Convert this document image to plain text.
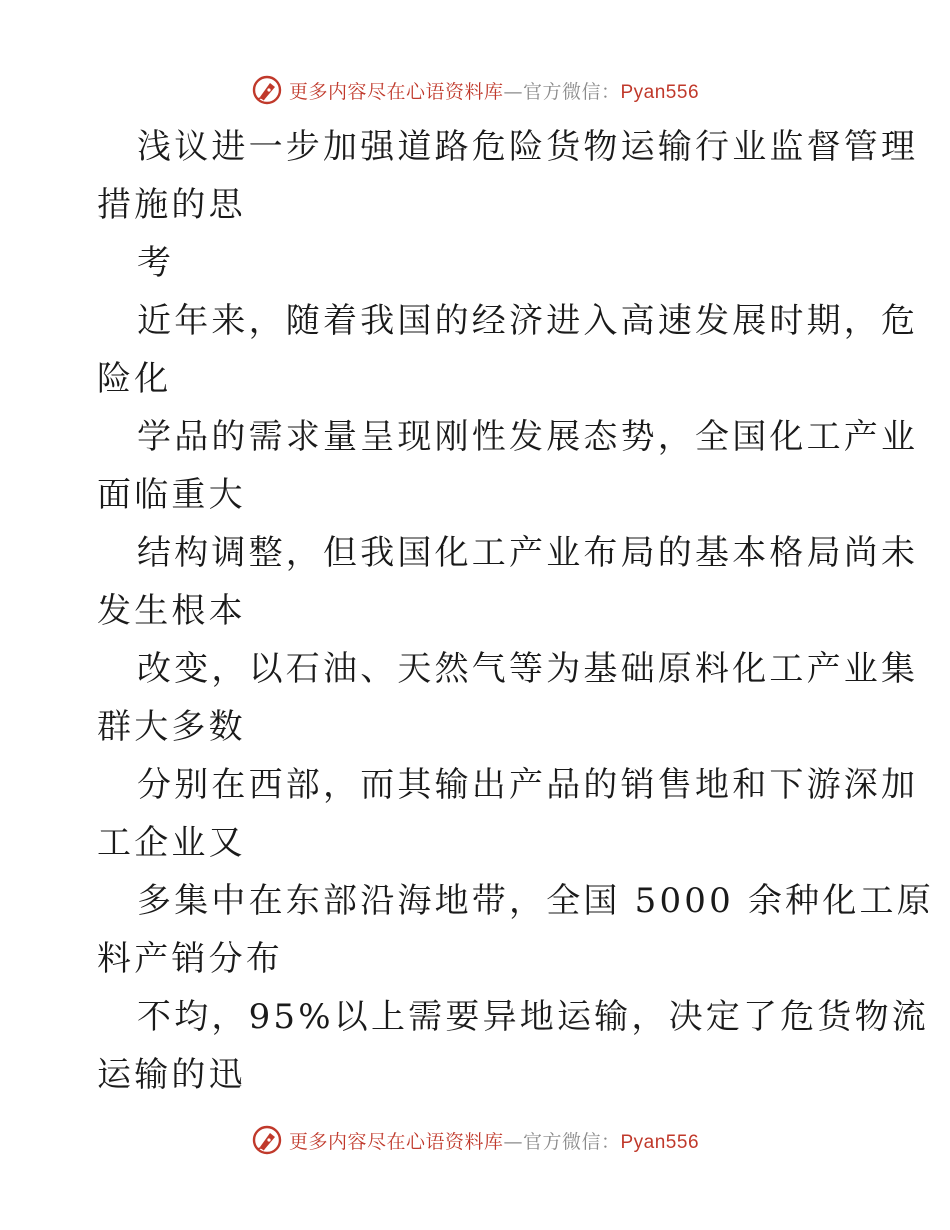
更多内容尽在心语资料库—官方微信：Pyan556
浅议进一步加强道路危险货物运输行业监督管理
措施的思
考
近年来，随着我国的经济进入高速发展时期，危
险化
学品的需求量呈现刚性发展态势，全国化工产业
面临重大
结构调整，但我国化工产业布局的基本格局尚未
发生根本
改变，以石油、天然气等为基础原料化工产业集
群大多数
分别在西部，而其输出产品的销售地和下游深加
工企业又
多集中在东部沿海地带，全国 5000 余种化工原
料产销分布
不均，95%以上需要异地运输，决定了危货物流
运输的迅
更多内容尽在心语资料库—官方微信：Pyan556
